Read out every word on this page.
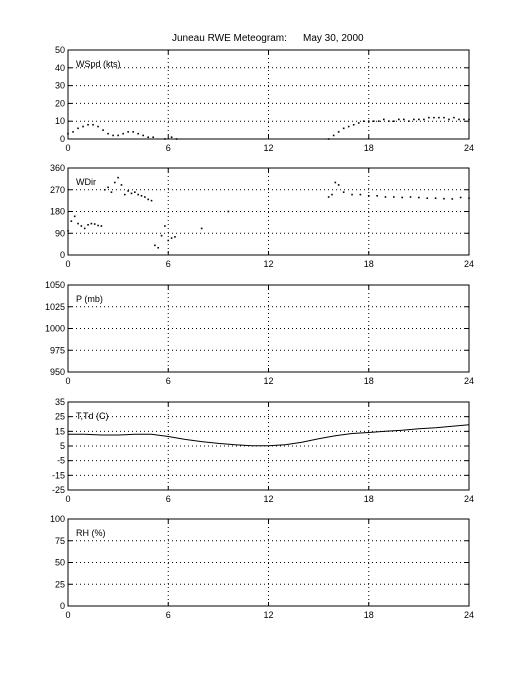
Juneau RWE Meteogram: May 30, 2000
0
10
20
30
40
50
0	6	12	18	24
WSpd (kts)
0
90
180
270
360
0	6	12	18	24
WDir
950
975
1000
1025
1050
0	6	12	18	24
P (mb)
-25
-15
-5
5
15
25
35
0	6	12	18	24
T,Td (C)
0
25
50
75
100
0	6	12	18	24
RH (%)
